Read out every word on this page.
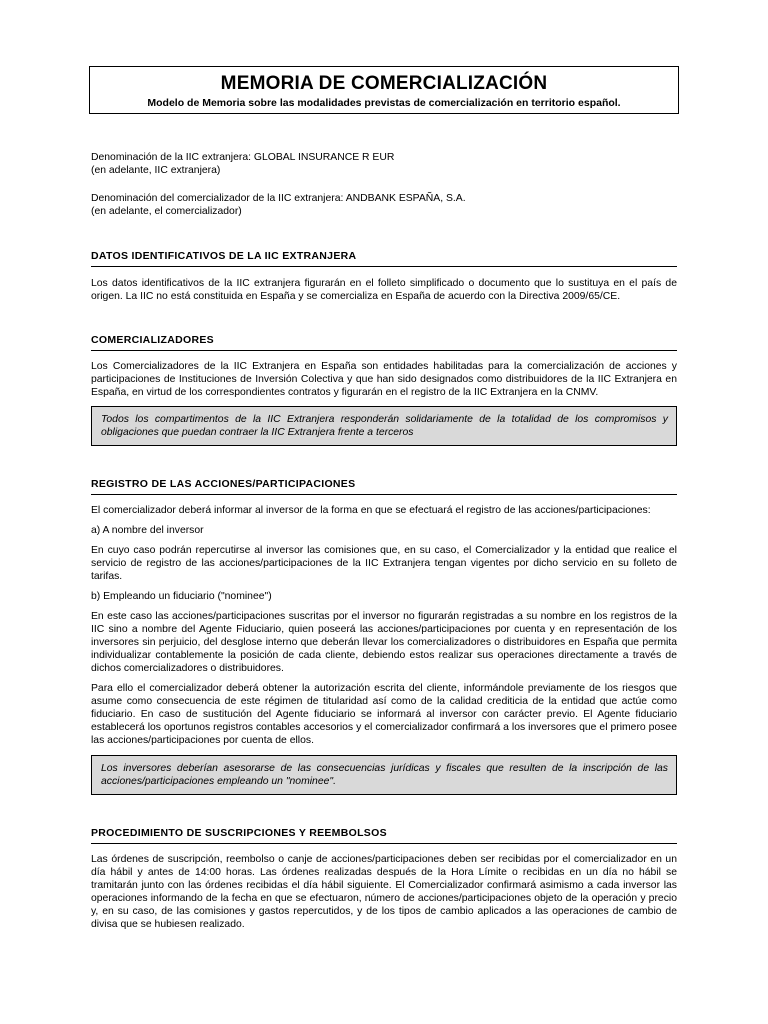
MEMORIA DE COMERCIALIZACIÓN
Modelo de Memoria sobre las modalidades previstas de comercialización en territorio español.
Denominación de la IIC extranjera: GLOBAL INSURANCE R EUR
(en adelante, IIC extranjera)
Denominación del comercializador de la IIC extranjera: ANDBANK ESPAÑA, S.A.
(en adelante, el comercializador)
DATOS IDENTIFICATIVOS DE LA IIC EXTRANJERA
Los datos identificativos de la IIC extranjera figurarán en el folleto simplificado o documento que lo sustituya en el país de origen. La IIC no está constituida en España y se comercializa en España de acuerdo con la Directiva 2009/65/CE.
COMERCIALIZADORES
Los Comercializadores de la IIC Extranjera en España son entidades habilitadas para la comercialización de acciones y participaciones de Instituciones de Inversión Colectiva y que han sido designados como distribuidores de la IIC Extranjera en España, en virtud de los correspondientes contratos y figurarán en el registro de la IIC Extranjera en la CNMV.
Todos los compartimentos de la IIC Extranjera responderán solidariamente de la totalidad de los compromisos y obligaciones que puedan contraer la IIC Extranjera frente a terceros
REGISTRO DE LAS ACCIONES/PARTICIPACIONES
El comercializador deberá informar al inversor de la forma en que se efectuará el registro de las acciones/participaciones:
a) A nombre del inversor
En cuyo caso podrán repercutirse al inversor las comisiones que, en su caso, el Comercializador y la entidad que realice el servicio de registro de las acciones/participaciones de la IIC Extranjera tengan vigentes por dicho servicio en su folleto de tarifas.
b) Empleando un fiduciario ("nominee")
En este caso las acciones/participaciones suscritas por el inversor no figurarán registradas a su nombre en los registros de la IIC sino a nombre del Agente Fiduciario, quien poseerá las acciones/participaciones por cuenta y en representación de los inversores sin perjuicio, del desglose interno que deberán llevar los comercializadores o distribuidores en España que permita individualizar contablemente la posición de cada cliente, debiendo estos realizar sus operaciones directamente a través de dichos comercializadores o distribuidores.
Para ello el comercializador deberá obtener la autorización escrita del cliente, informándole previamente de los riesgos que asume como consecuencia de este régimen de titularidad así como de la calidad crediticia de la entidad que actúe como fiduciario. En caso de sustitución del Agente fiduciario se informará al inversor con carácter previo. El Agente fiduciario establecerá los oportunos registros contables accesorios y el comercializador confirmará a los inversores que el primero posee las acciones/participaciones por cuenta de ellos.
Los inversores deberían asesorarse de las consecuencias jurídicas y fiscales que resulten de la inscripción de las acciones/participaciones empleando un "nominee".
PROCEDIMIENTO DE SUSCRIPCIONES Y REEMBOLSOS
Las órdenes de suscripción, reembolso o canje de acciones/participaciones deben ser recibidas por el comercializador en un día hábil y antes de 14:00 horas. Las órdenes realizadas después de la Hora Límite o recibidas en un día no hábil se tramitarán junto con las órdenes recibidas el día hábil siguiente. El Comercializador confirmará asimismo a cada inversor las operaciones informando de la fecha en que se efectuaron, número de acciones/participaciones objeto de la operación y precio y, en su caso, de las comisiones y gastos repercutidos, y de los tipos de cambio aplicados a las operaciones de cambio de divisa que se hubiesen realizado.
